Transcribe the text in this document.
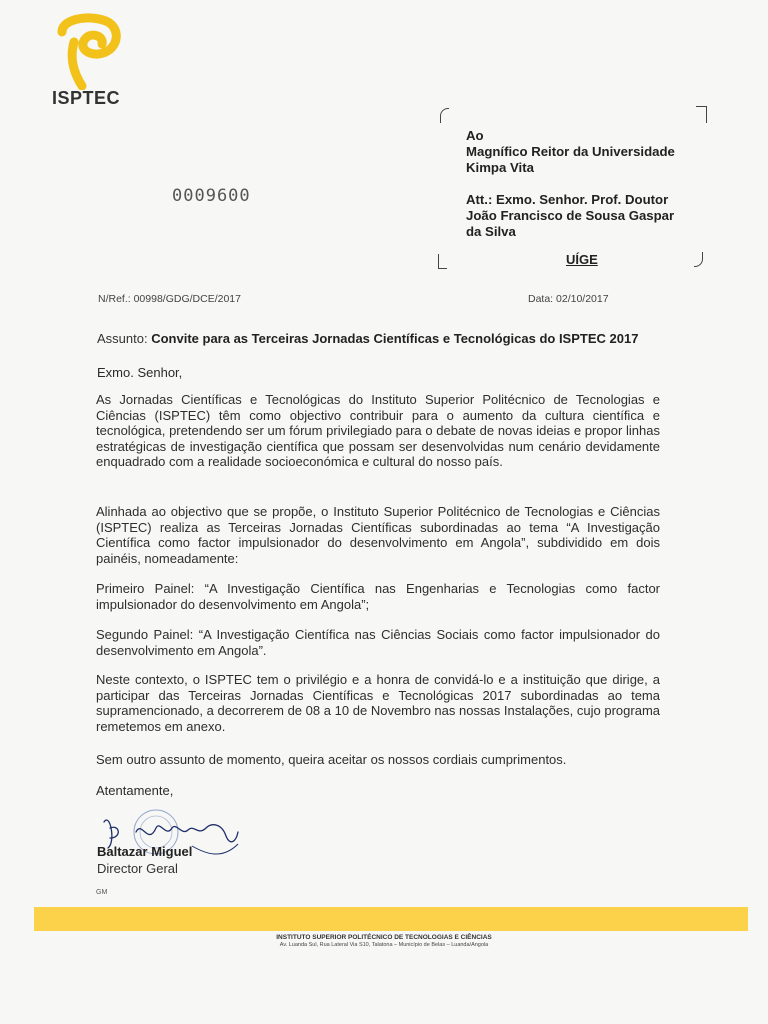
ISPTEC
0009600

Ao

Magnífico Reitor da Universidade

Kimpa Vita

Att.: Exmo. Senhor. Prof. Doutor

João Francisco de Sousa Gaspar

da Silva

UÍGE
N/Ref.: 00998/GDG/DCE/2017	Data: 02/10/2017
Assunto: Convite para as Terceiras Jornadas Científicas e Tecnológicas do ISPTEC 2017
Exmo. Senhor,

As Jornadas Científicas e Tecnológicas do Instituto Superior Politécnico de Tecnologias e Ciências (ISPTEC) têm como objectivo contribuir para o aumento da cultura científica e tecnológica, pretendendo ser um fórum privilegiado para o debate de novas ideias e propor linhas estratégicas de investigação científica que possam ser desenvolvidas num cenário devidamente enquadrado com a realidade socioeconómica e cultural do nosso país.

Alinhada ao objectivo que se propõe, o Instituto Superior Politécnico de Tecnologias e Ciências (ISPTEC) realiza as Terceiras Jornadas Científicas subordinadas ao tema “A Investigação Científica como factor impulsionador do desenvolvimento em Angola”, subdividido em dois painéis, nomeadamente:

Primeiro Painel: “A Investigação Científica nas Engenharias e Tecnologias como factor impulsionador do desenvolvimento em Angola”;

Segundo Painel: “A Investigação Científica nas Ciências Sociais como factor impulsionador do desenvolvimento em Angola”.

Neste contexto, o ISPTEC tem o privilégio e a honra de convidá-lo e a instituição que dirige, a participar das Terceiras Jornadas Científicas e Tecnológicas 2017 subordinadas ao tema supramencionado, a decorrerem de 08 a 10 de Novembro nas nossas Instalações, cujo programa remetemos em anexo.

Sem outro assunto de momento, queira aceitar os nossos cordiais cumprimentos.

Atentamente,
Baltazar Miguel
Director Geral
GM
INSTITUTO SUPERIOR POLITÉCNICO DE TECNOLOGIAS E CIÊNCIAS
Av. Luanda Sul, Rua Lateral Via S10, Talatona – Município de Belas – Luanda/Angola
